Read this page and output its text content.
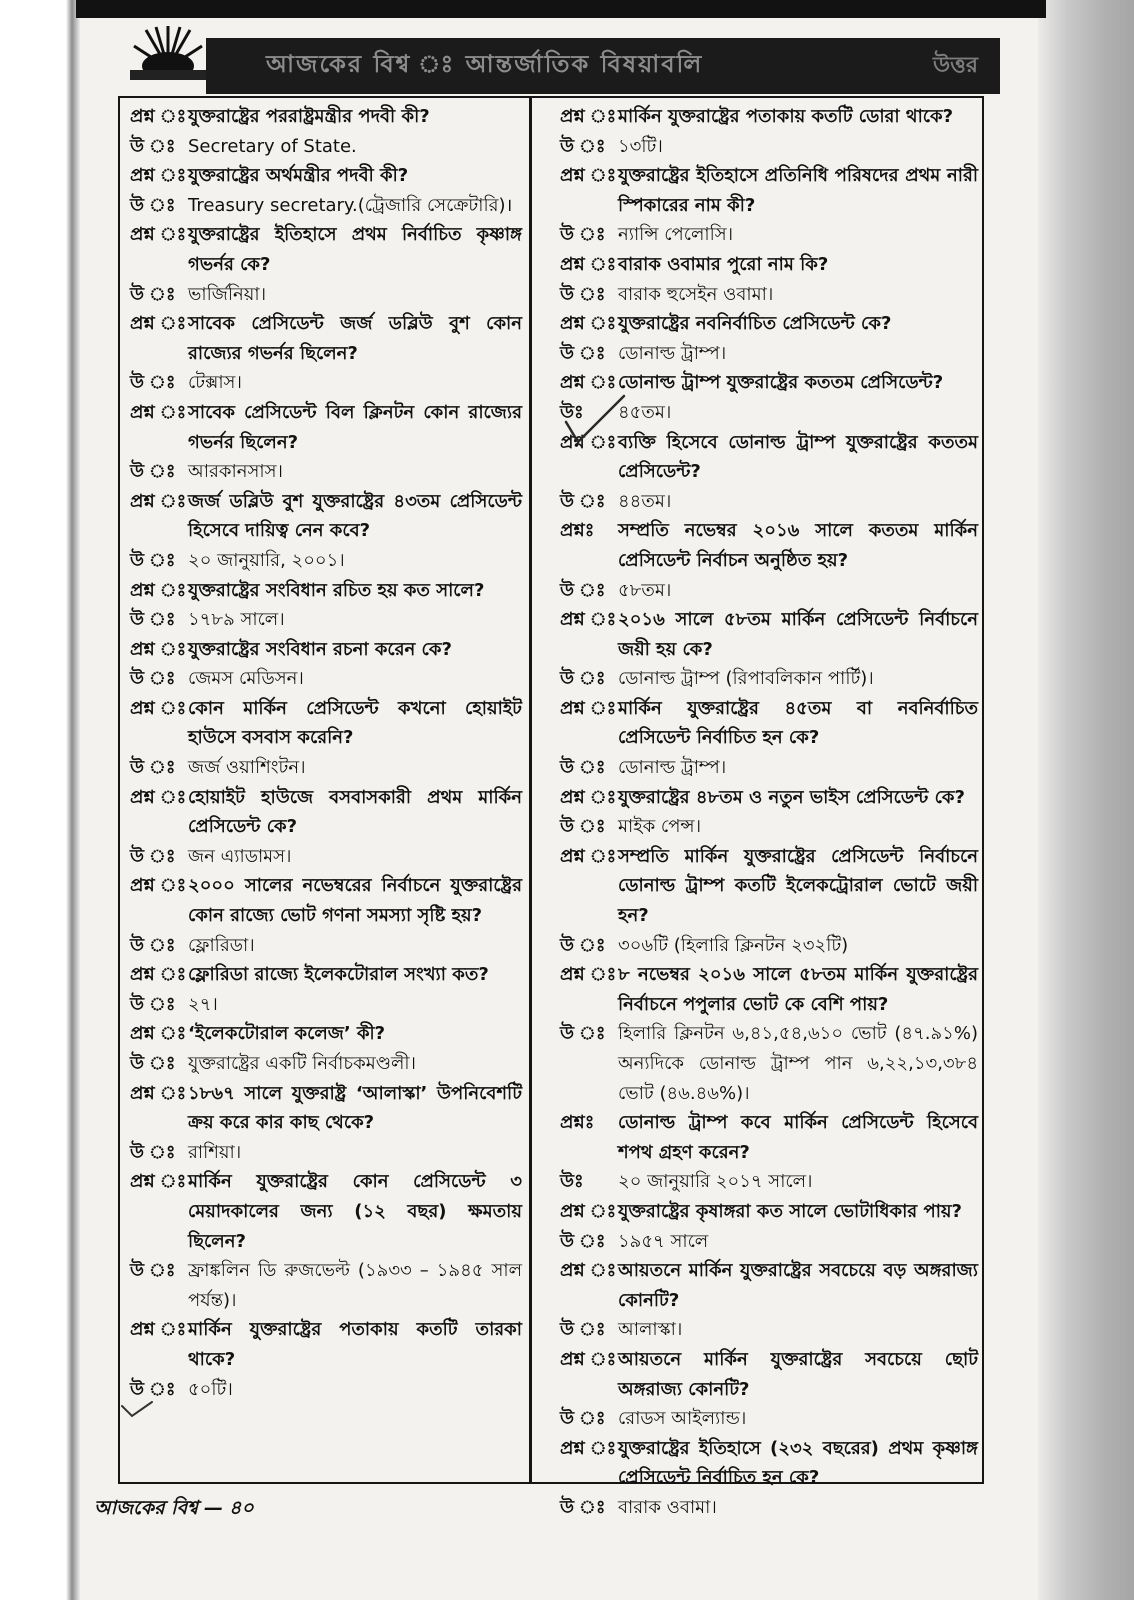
আজকের বিশ্ব ঃ আন্তর্জাতিক বিষয়াবলি	উত্তর
প্রশ্ন ঃ যুক্তরাষ্ট্রের পররাষ্ট্রমন্ত্রীর পদবী কী?
উ ঃ Secretary of State.
প্রশ্ন ঃ যুক্তরাষ্ট্রের অর্থমন্ত্রীর পদবী কী?
উ ঃ Treasury secretary.(ট্রেজারি সেক্রেটারি)।
প্রশ্ন ঃ যুক্তরাষ্ট্রের ইতিহাসে প্রথম নির্বাচিত কৃষ্ণাঙ্গ গভর্নর কে?
উ ঃ ভার্জিনিয়া।
প্রশ্ন ঃ সাবেক প্রেসিডেন্ট জর্জ ডব্লিউ বুশ কোন রাজ্যের গভর্নর ছিলেন?
উ ঃ টেক্সাস।
প্রশ্ন ঃ সাবেক প্রেসিডেন্ট বিল ক্লিনটন কোন রাজ্যের গভর্নর ছিলেন?
উ ঃ আরকানসাস।
প্রশ্ন ঃ জর্জ ডব্লিউ বুশ যুক্তরাষ্ট্রের ৪৩তম প্রেসিডেন্ট হিসেবে দায়িত্ব নেন কবে?
উ ঃ ২০ জানুয়ারি, ২০০১।
প্রশ্ন ঃ যুক্তরাষ্ট্রের সংবিধান রচিত হয় কত সালে?
উ ঃ ১৭৮৯ সালে।
প্রশ্ন ঃ যুক্তরাষ্ট্রের সংবিধান রচনা করেন কে?
উ ঃ জেমস মেডিসন।
প্রশ্ন ঃ কোন মার্কিন প্রেসিডেন্ট কখনো হোয়াইট হাউসে বসবাস করেনি?
উ ঃ জর্জ ওয়াশিংটন।
প্রশ্ন ঃ হোয়াইট হাউজে বসবাসকারী প্রথম মার্কিন প্রেসিডেন্ট কে?
উ ঃ জন এ্যাডামস।
প্রশ্ন ঃ ২০০০ সালের নভেম্বরের নির্বাচনে যুক্তরাষ্ট্রের কোন রাজ্যে ভোট গণনা সমস্যা সৃষ্টি হয়?
উ ঃ ফ্লোরিডা।
প্রশ্ন ঃ ফ্লোরিডা রাজ্যে ইলেকটোরাল সংখ্যা কত?
উ ঃ ২৭।
প্রশ্ন ঃ ‘ইলেকটোরাল কলেজ’ কী?
উ ঃ যুক্তরাষ্ট্রের একটি নির্বাচকমণ্ডলী।
প্রশ্ন ঃ ১৮৬৭ সালে যুক্তরাষ্ট্র ‘আলাস্কা’ উপনিবেশটি ক্রয় করে কার কাছ থেকে?
উ ঃ রাশিয়া।
প্রশ্ন ঃ মার্কিন যুক্তরাষ্ট্রের কোন প্রেসিডেন্ট ৩ মেয়াদকালের জন্য (১২ বছর) ক্ষমতায় ছিলেন?
উ ঃ ফ্রাঙ্কলিন ডি রুজভেল্ট (১৯৩৩ – ১৯৪৫ সাল পর্যন্ত)।
প্রশ্ন ঃ মার্কিন যুক্তরাষ্ট্রের পতাকায় কতটি তারকা থাকে?
উ ঃ ৫০টি।
প্রশ্ন ঃ মার্কিন যুক্তরাষ্ট্রের পতাকায় কতটি ডোরা থাকে?
উ ঃ ১৩টি।
প্রশ্ন ঃ যুক্তরাষ্ট্রের ইতিহাসে প্রতিনিধি পরিষদের প্রথম নারী স্পিকারের নাম কী?
উ ঃ ন্যান্সি পেলোসি।
প্রশ্ন ঃ বারাক ওবামার পুরো নাম কি?
উ ঃ বারাক হুসেইন ওবামা।
প্রশ্ন ঃ যুক্তরাষ্ট্রের নবনির্বাচিত প্রেসিডেন্ট কে?
উ ঃ ডোনাল্ড ট্রাম্প।
প্রশ্ন ঃ ডোনাল্ড ট্রাম্প যুক্তরাষ্ট্রের কততম প্রেসিডেন্ট?
উঃ	৪৫তম।
প্রশ্ন ঃ ব্যক্তি হিসেবে ডোনাল্ড ট্রাম্প যুক্তরাষ্ট্রের কততম প্রেসিডেন্ট?
উ ঃ ৪৪তম।
প্রশ্নঃ	সম্প্রতি নভেম্বর ২০১৬ সালে কততম মার্কিন প্রেসিডেন্ট নির্বাচন অনুষ্ঠিত হয়?
উ ঃ ৫৮তম।
প্রশ্ন ঃ ২০১৬ সালে ৫৮তম মার্কিন প্রেসিডেন্ট নির্বাচনে জয়ী হয় কে?
উ ঃ ডোনাল্ড ট্রাম্প (রিপাবলিকান পার্টি)।
প্রশ্ন ঃ মার্কিন যুক্তরাষ্ট্রের ৪৫তম বা নবনির্বাচিত প্রেসিডেন্ট নির্বাচিত হন কে?
উ ঃ ডোনাল্ড ট্রাম্প।
প্রশ্ন ঃ যুক্তরাষ্ট্রের ৪৮তম ও নতুন ভাইস প্রেসিডেন্ট কে?
উ ঃ মাইক পেন্স।
প্রশ্ন ঃ সম্প্রতি মার্কিন যুক্তরাষ্ট্রের প্রেসিডেন্ট নির্বাচনে ডোনাল্ড ট্রাম্প কতটি ইলেকট্রোরাল ভোটে জয়ী হন?
উ ঃ ৩০৬টি (হিলারি ক্লিনটন ২৩২টি)
প্রশ্ন ঃ ৮ নভেম্বর ২০১৬ সালে ৫৮তম মার্কিন যুক্তরাষ্ট্রের নির্বাচনে পপুলার ভোট কে বেশি পায়?
উ ঃ হিলারি ক্লিনটন ৬,৪১,৫৪,৬১০ ভোট (৪৭.৯১%) অন্যদিকে ডোনাল্ড ট্রাম্প পান ৬,২২,১৩,৩৮৪ ভোট (৪৬.৪৬%)।
প্রশ্নঃ	ডোনাল্ড ট্রাম্প কবে মার্কিন প্রেসিডেন্ট হিসেবে শপথ গ্রহণ করেন?
উঃ	২০ জানুয়ারি ২০১৭ সালে।
প্রশ্ন ঃ যুক্তরাষ্ট্রের কৃষাঙ্গরা কত সালে ভোটাধিকার পায়?
উ ঃ ১৯৫৭ সালে
প্রশ্ন ঃ আয়তনে মার্কিন যুক্তরাষ্ট্রের সবচেয়ে বড় অঙ্গরাজ্য কোনটি?
উ ঃ আলাস্কা।
প্রশ্ন ঃ আয়তনে মার্কিন যুক্তরাষ্ট্রের সবচেয়ে ছোট অঙ্গরাজ্য কোনটি?
উ ঃ রোডস আইল্যান্ড।
প্রশ্ন ঃ যুক্তরাষ্ট্রের ইতিহাসে (২৩২ বছরের) প্রথম কৃষ্ণাঙ্গ প্রেসিডেন্ট নির্বাচিত হন কে?
উ ঃ বারাক ওবামা।
আজকের বিশ্ব — ৪০
